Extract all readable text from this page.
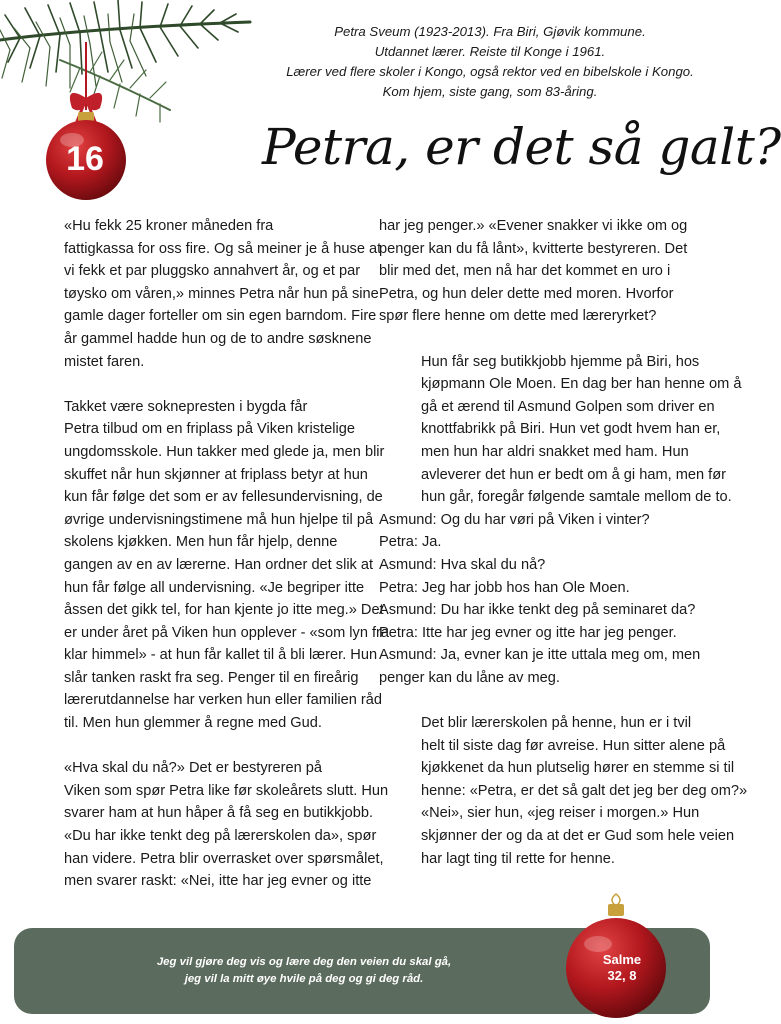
16

Petra Sveum (1923-2013). Fra Biri, Gjøvik kommune.

Utdannet lærer. Reiste til Konge i 1961.

Lærer ved flere skoler i Kongo, også rektor ved en bibelskole i Kongo.

Kom hjem, siste gang, som 83-åring.

Petra, er det så galt?

«Hu fekk 25 kroner måneden fra
fattigkassa for oss fire. Og så meiner je å huse at
vi fekk et par pluggsko annahvert år, og et par
tøysko om våren,» minnes Petra når hun på sine
gamle dager forteller om sin egen barndom. Fire
år gammel hadde hun og de to andre søsknene
mistet faren.

Takket være soknepresten i bygda får
Petra tilbud om en friplass på Viken kristelige
ungdomsskole. Hun takker med glede ja, men blir
skuffet når hun skjønner at friplass betyr at hun
kun får følge det som er av fellesundervisning, de
øvrige undervisningstimene må hun hjelpe til på
skolens kjøkken. Men hun får hjelp, denne
gangen av en av lærerne. Han ordner det slik at
hun får følge all undervisning. «Je begriper itte
åssen det gikk tel, for han kjente jo itte meg.» Det
er under året på Viken hun opplever - «som lyn fra
klar himmel» - at hun får kallet til å bli lærer. Hun
slår tanken raskt fra seg. Penger til en fireårig
lærerutdannelse har verken hun eller familien råd
til. Men hun glemmer å regne med Gud.

«Hva skal du nå?» Det er bestyreren på
Viken som spør Petra like før skoleårets slutt. Hun
svarer ham at hun håper å få seg en butikkjobb.
«Du har ikke tenkt deg på lærerskolen da», spør
han videre. Petra blir overrasket over spørsmålet,
men svarer raskt: «Nei, itte har jeg evner og itte

har jeg penger.» «Evener snakker vi ikke om og
penger kan du få lånt», kvitterte bestyreren. Det
blir med det, men nå har det kommet en uro i
Petra, og hun deler dette med moren. Hvorfor
spør flere henne om dette med læreryrket?

Hun får seg butikkjobb hjemme på Biri, hos
kjøpmann Ole Moen. En dag ber han henne om å
gå et ærend til Asmund Golpen som driver en
knottfabrikk på Biri. Hun vet godt hvem han er,
men hun har aldri snakket med ham. Hun
avleverer det hun er bedt om å gi ham, men før
hun går, foregår følgende samtale mellom de to.

Asmund: Og du har vøri på Viken i vinter?
Petra: Ja.
Asmund: Hva skal du nå?
Petra: Jeg har jobb hos han Ole Moen.
Asmund: Du har ikke tenkt deg på seminaret da?
Petra: Itte har jeg evner og itte har jeg penger.
Asmund: Ja, evner kan je itte uttala meg om, men
penger kan du låne av meg.

Det blir lærerskolen på henne, hun er i tvil
helt til siste dag før avreise. Hun sitter alene på
kjøkkenet da hun plutselig hører en stemme si til
henne: «Petra, er det så galt det jeg ber deg om?»
«Nei», sier hun, «jeg reiser i morgen.» Hun
skjønner der og da at det er Gud som hele veien
har lagt ting til rette for henne.

Jeg vil gjøre deg vis og lære deg den veien du skal gå,
jeg vil la mitt øye hvile på deg og gi deg råd.
Salme
32, 8
